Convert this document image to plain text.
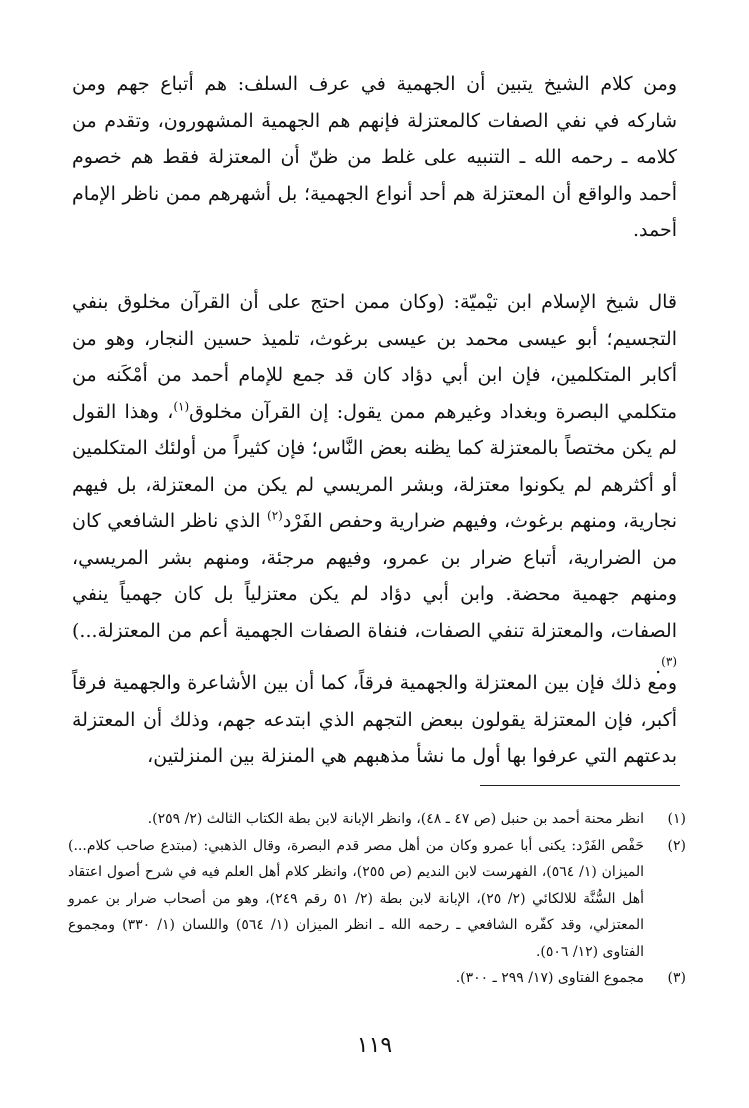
ومن كلام الشيخ يتبين أن الجهمية في عرف السلف: هم أتباع جهم ومن شاركه في نفي الصفات كالمعتزلة فإنهم هم الجهمية المشهورون، وتقدم من كلامه ـ رحمه الله ـ التنبيه على غلط من ظنّ أن المعتزلة فقط هم خصوم أحمد والواقع أن المعتزلة هم أحد أنواع الجهمية؛ بل أشهرهم ممن ناظر الإمام أحمد.

قال شيخ الإسلام ابن تيْميّة: (وكان ممن احتج على أن القرآن مخلوق بنفي التجسيم؛ أبو عيسى محمد بن عيسى برغوث، تلميذ حسين النجار، وهو من أكابر المتكلمين، فإن ابن أبي دؤاد كان قد جمع للإمام أحمد من أمْكَنه من متكلمي البصرة وبغداد وغيرهم ممن يقول: إن القرآن مخلوق$^{(١)}$، وهذا القول لم يكن مختصاً بالمعتزلة كما يظنه بعض النَّاس؛ فإن كثيراً من أولئك المتكلمين أو أكثرهم لم يكونوا معتزلة، وبشر المريسي لم يكن من المعتزلة، بل فيهم نجارية، ومنهم برغوث، وفيهم ضرارية وحفص الفَرْد$^{(٢)}$ الذي ناظر الشافعي كان من الضرارية، أتباع ضرار بن عمرو، وفيهم مرجئة، ومنهم بشر المريسي، ومنهم جهمية محضة. وابن أبي دؤاد لم يكن معتزلياً بل كان جهمياً ينفي الصفات، والمعتزلة تنفي الصفات، فنفاة الصفات الجهمية أعم من المعتزلة...)$^{(٣)}$.

ومع ذلك فإن بين المعتزلة والجهمية فرقاً، كما أن بين الأشاعرة والجهمية فرقاً أكبر، فإن المعتزلة يقولون ببعض التجهم الذي ابتدعه جهم، وذلك أن المعتزلة بدعتهم التي عرفوا بها أول ما نشأ مذهبهم هي المنزلة بين المنزلتين،

(١)
انظر محنة أحمد بن حنبل (ص ٤٧ ـ ٤٨)، وانظر الإبانة لابن بطة الكتاب الثالث (٢/ ٢٥٩).
(٢)
حَفْص الفَرْد: يكنى أبا عمرو وكان من أهل مصر قدم البصرة، وقال الذهبي: (مبتدع صاحب كلام...) الميزان (١/ ٥٦٤)، الفهرست لابن النديم (ص ٢٥٥)، وانظر كلام أهل العلم فيه في شرح أصول اعتقاد أهل السُّنَّة للالكائي (٢/ ٢٥)، الإبانة لابن بطة (٢/ ٥١ رقم ٢٤٩)، وهو من أصحاب ضرار بن عمرو المعتزلي، وقد كفّره الشافعي ـ رحمه الله ـ انظر الميزان (١/ ٥٦٤) واللسان (١/ ٣٣٠) ومجموع الفتاوى (١٢/ ٥٠٦).
(٣)
مجموع الفتاوى (١٧/ ٢٩٩ ـ ٣٠٠).
١١٩
